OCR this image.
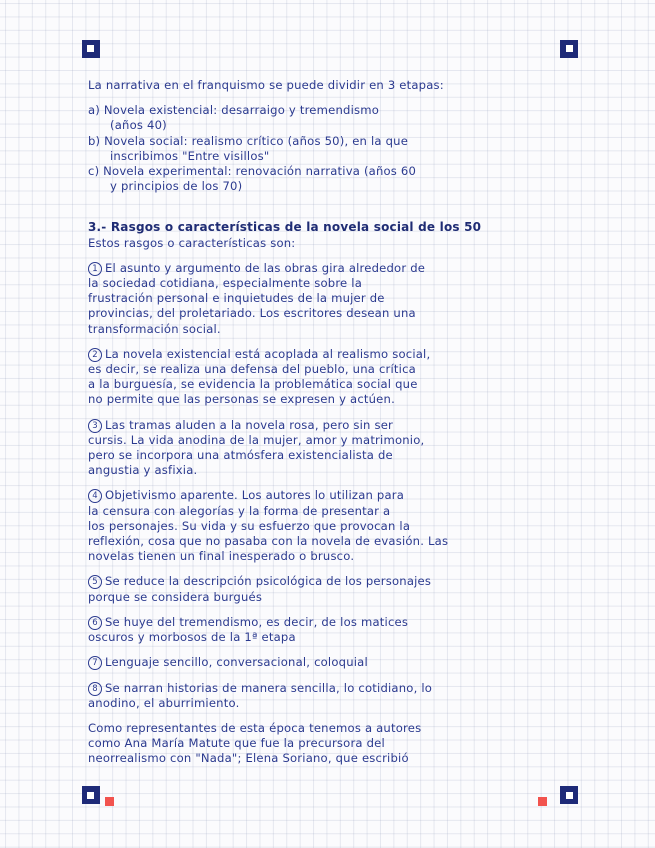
La narrativa en el franquismo se puede dividir en 3 etapas:
a) Novela existencial: desarraigo y tremendismo
(años 40)
b) Novela social: realismo crítico (años 50), en la que
inscribimos "Entre visillos"
c) Novela experimental: renovación narrativa (años 60
y principios de los 70)
3.- Rasgos o características de la novela social de los 50
Estos rasgos o características son:
1 El asunto y argumento de las obras gira alrededor de
la sociedad cotidiana, especialmente sobre la
frustración personal e inquietudes de la mujer de
provincias, del proletariado. Los escritores desean una
transformación social.
2 La novela existencial está acoplada al realismo social,
es decir, se realiza una defensa del pueblo, una crítica
a la burguesía, se evidencia la problemática social que
no permite que las personas se expresen y actúen.
3 Las tramas aluden a la novela rosa, pero sin ser
cursis. La vida anodina de la mujer, amor y matrimonio,
pero se incorpora una atmósfera existencialista de
angustia y asfixia.
4 Objetivismo aparente. Los autores lo utilizan para
la censura con alegorías y la forma de presentar a
los personajes. Su vida y su esfuerzo que provocan la
reflexión, cosa que no pasaba con la novela de evasión. Las
novelas tienen un final inesperado o brusco.
5 Se reduce la descripción psicológica de los personajes
porque se considera burgués
6 Se huye del tremendismo, es decir, de los matices
oscuros y morbosos de la 1ª etapa
7 Lenguaje sencillo, conversacional, coloquial
8 Se narran historias de manera sencilla, lo cotidiano, lo
anodino, el aburrimiento.
Como representantes de esta época tenemos a autores
como Ana María Matute que fue la precursora del
neorrealismo con "Nada"; Elena Soriano, que escribió
